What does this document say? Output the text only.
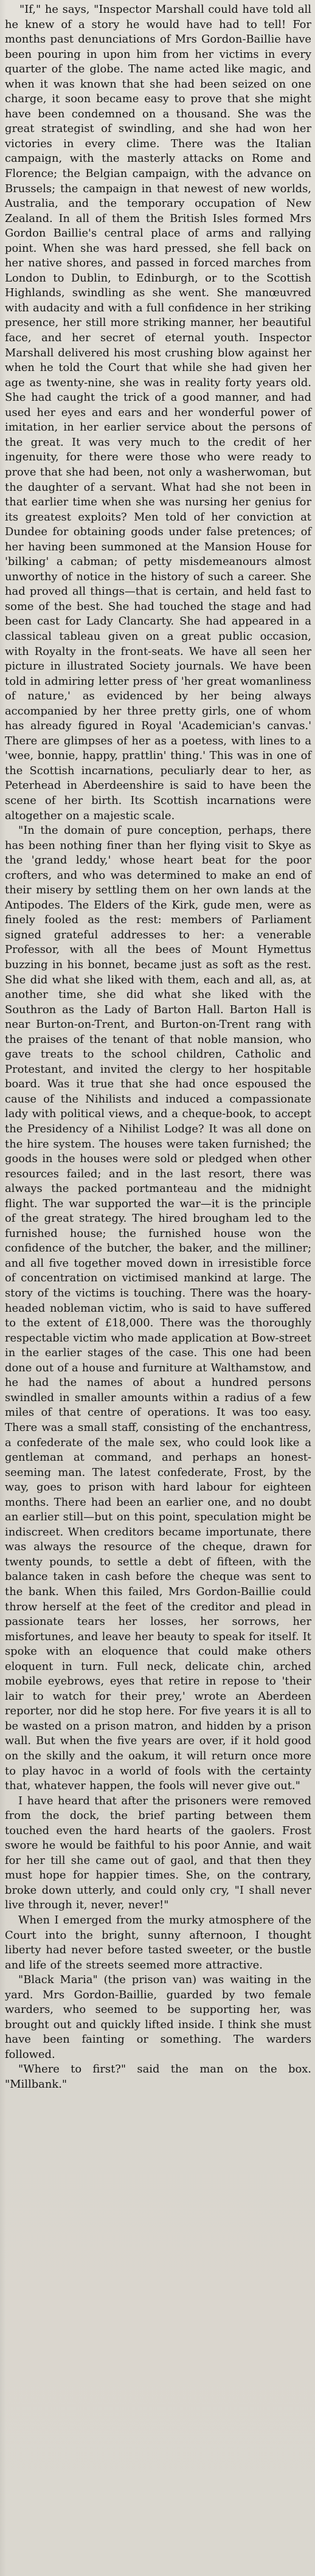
"If," he says, "Inspector Marshall could have told all he knew of a story he would have had to tell! For months past denunciations of Mrs Gordon-Baillie have been pouring in upon him from her victims in every quarter of the globe. The name acted like magic, and when it was known that she had been seized on one charge, it soon became easy to prove that she might have been condemned on a thousand. She was the great strategist of swindling, and she had won her victories in every clime. There was the Italian campaign, with the masterly attacks on Rome and Florence; the Belgian campaign, with the advance on Brussels; the campaign in that newest of new worlds, Australia, and the temporary occupation of New Zealand. In all of them the British Isles formed Mrs Gordon Baillie's central place of arms and rallying point. When she was hard pressed, she fell back on her native shores, and passed in forced marches from London to Dublin, to Edinburgh, or to the Scottish Highlands, swindling as she went. She manœuvred with audacity and with a full confidence in her striking presence, her still more striking manner, her beautiful face, and her secret of eternal youth. Inspector Marshall delivered his most crushing blow against her when he told the Court that while she had given her age as twenty-nine, she was in reality forty years old. She had caught the trick of a good manner, and had used her eyes and ears and her wonderful power of imitation, in her earlier service about the persons of the great. It was very much to the credit of her ingenuity, for there were those who were ready to prove that she had been, not only a washerwoman, but the daughter of a servant. What had she not been in that earlier time when she was nursing her genius for its greatest exploits? Men told of her conviction at Dundee for obtaining goods under false pretences; of her having been summoned at the Mansion House for 'bilking' a cabman; of petty misdemeanours almost unworthy of notice in the history of such a career. She had proved all things—that is certain, and held fast to some of the best. She had touched the stage and had been cast for Lady Clancarty. She had appeared in a classical tableau given on a great public occasion, with Royalty in the front-seats. We have all seen her picture in illustrated Society journals. We have been told in admiring letter press of 'her great womanliness of nature,' as evidenced by her being always accompanied by her three pretty girls, one of whom has already figured in Royal 'Academician's canvas.' There are glimpses of her as a poetess, with lines to a 'wee, bonnie, happy, prattlin' thing.' This was in one of the Scottish incarnations, peculiarly dear to her, as Peterhead in Aberdeenshire is said to have been the scene of her birth. Its Scottish incarnations were altogether on a majestic scale.

"In the domain of pure conception, perhaps, there has been nothing finer than her flying visit to Skye as the 'grand leddy,' whose heart beat for the poor crofters, and who was determined to make an end of their misery by settling them on her own lands at the Antipodes. The Elders of the Kirk, gude men, were as finely fooled as the rest: members of Parliament signed grateful addresses to her: a venerable Professor, with all the bees of Mount Hymettus buzzing in his bonnet, became just as soft as the rest. She did what she liked with them, each and all, as, at another time, she did what she liked with the Southron as the Lady of Barton Hall. Barton Hall is near Burton-on-Trent, and Burton-on-Trent rang with the praises of the tenant of that noble mansion, who gave treats to the school children, Catholic and Protestant, and invited the clergy to her hospitable board. Was it true that she had once espoused the cause of the Nihilists and induced a compassionate lady with political views, and a cheque-book, to accept the Presidency of a Nihilist Lodge? It was all done on the hire system. The houses were taken furnished; the goods in the houses were sold or pledged when other resources failed; and in the last resort, there was always the packed portmanteau and the midnight flight. The war supported the war—it is the principle of the great strategy. The hired brougham led to the furnished house; the furnished house won the confidence of the butcher, the baker, and the milliner; and all five together moved down in irresistible force of concentration on victimised mankind at large. The story of the victims is touching. There was the hoary-headed nobleman victim, who is said to have suffered to the extent of £18,000. There was the thoroughly respectable victim who made application at Bow-street in the earlier stages of the case. This one had been done out of a house and furniture at Walthamstow, and he had the names of about a hundred persons swindled in smaller amounts within a radius of a few miles of that centre of operations. It was too easy. There was a small staff, consisting of the enchantress, a confederate of the male sex, who could look like a gentleman at command, and perhaps an honest-seeming man. The latest confederate, Frost, by the way, goes to prison with hard labour for eighteen months. There had been an earlier one, and no doubt an earlier still—but on this point, speculation might be indiscreet. When creditors became importunate, there was always the resource of the cheque, drawn for twenty pounds, to settle a debt of fifteen, with the balance taken in cash before the cheque was sent to the bank. When this failed, Mrs Gordon-Baillie could throw herself at the feet of the creditor and plead in passionate tears her losses, her sorrows, her misfortunes, and leave her beauty to speak for itself. It spoke with an eloquence that could make others eloquent in turn. Full neck, delicate chin, arched mobile eyebrows, eyes that retire in repose to 'their lair to watch for their prey,' wrote an Aberdeen reporter, nor did he stop here. For five years it is all to be wasted on a prison matron, and hidden by a prison wall. But when the five years are over, if it hold good on the skilly and the oakum, it will return once more to play havoc in a world of fools with the certainty that, whatever happen, the fools will never give out."

I have heard that after the prisoners were removed from the dock, the brief parting between them touched even the hard hearts of the gaolers. Frost swore he would be faithful to his poor Annie, and wait for her till she came out of gaol, and that then they must hope for happier times. She, on the contrary, broke down utterly, and could only cry, "I shall never live through it, never, never!"

When I emerged from the murky atmosphere of the Court into the bright, sunny afternoon, I thought liberty had never before tasted sweeter, or the bustle and life of the streets seemed more attractive.

"Black Maria" (the prison van) was waiting in the yard. Mrs Gordon-Baillie, guarded by two female warders, who seemed to be supporting her, was brought out and quickly lifted inside. I think she must have been fainting or something. The warders followed.

"Where to first?" said the man on the box. "Millbank."
